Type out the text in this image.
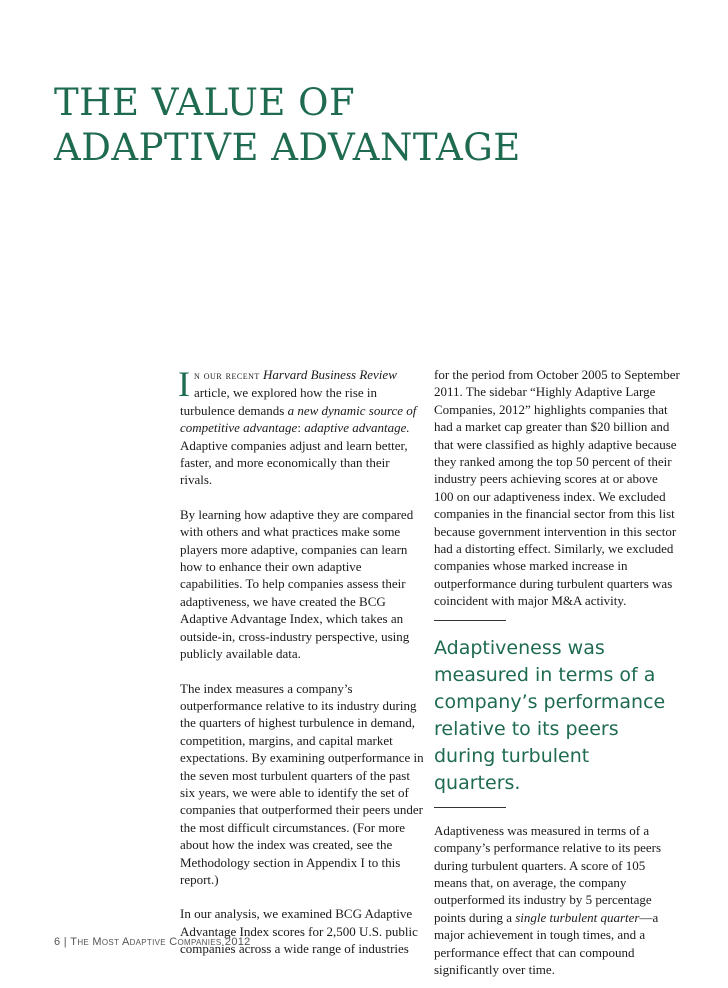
THE VALUE OF
ADAPTIVE ADVANTAGE

In our recent Harvard Business Review article, we explored how the rise in turbulence demands a new dynamic source of competitive advantage: adaptive advantage. Adaptive companies adjust and learn better, faster, and more economically than their rivals.

By learning how adaptive they are compared with others and what practices make some players more adaptive, companies can learn how to enhance their own adaptive capabilities. To help companies assess their adaptiveness, we have created the BCG Adaptive Advantage Index, which takes an outside-in, cross-industry perspective, using publicly available data.

The index measures a company’s outperformance relative to its industry during the quarters of highest turbulence in demand, competition, margins, and capital market expectations. By examining outperformance in the seven most turbulent quarters of the past six years, we were able to identify the set of companies that outperformed their peers under the most difficult circumstances. (For more about how the index was created, see the Methodology section in Appendix I to this report.)

In our analysis, we examined BCG Adaptive Advantage Index scores for 2,500 U.S. public companies across a wide range of industries

for the period from October 2005 to September 2011. The sidebar “Highly Adaptive Large Companies, 2012” highlights companies that had a market cap greater than $20 billion and that were classified as highly adaptive because they ranked among the top 50 percent of their industry peers achieving scores at or above 100 on our adaptiveness index. We excluded companies in the financial sector from this list because government intervention in this sector had a distorting effect. Similarly, we excluded companies whose marked increase in outperformance during turbulent quarters was coincident with major M&A activity.

Adaptiveness was measured in terms of a company’s performance relative to its peers during turbulent quarters.

Adaptiveness was measured in terms of a company’s performance relative to its peers during turbulent quarters. A score of 105 means that, on average, the company outperformed its industry by 5 percentage points during a single turbulent quarter—a major achievement in tough times, and a performance effect that can compound significantly over time.

6 | The Most Adaptive Companies 2012
